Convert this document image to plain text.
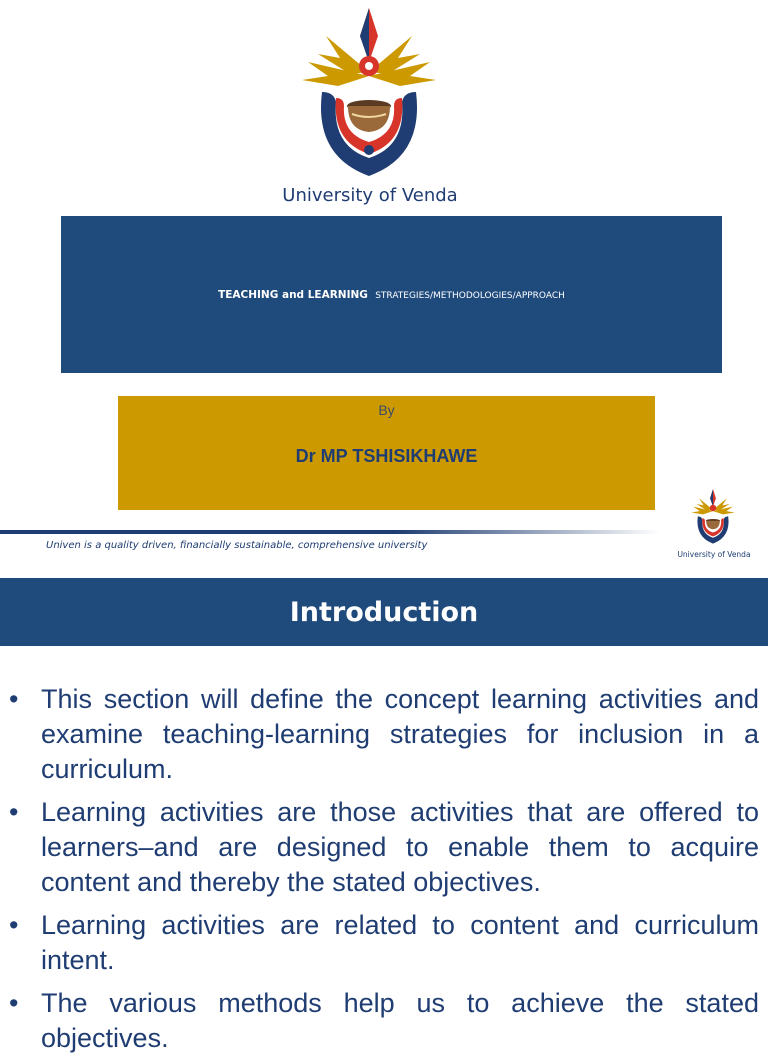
University of Venda
TEACHING and LEARNING STRATEGIES/METHODOLOGIES/APPROACH
By
Dr MP TSHISIKHAWE
Univen is a quality driven, financially sustainable, comprehensive university
University of Venda
Introduction
• This section will define the concept learning activities and examine teaching-learning strategies for inclusion in a curriculum.
• Learning activities are those activities that are offered to learners–and are designed to enable them to acquire content and thereby the stated objectives.
• Learning activities are related to content and curriculum intent.
• The various methods help us to achieve the stated objectives.
